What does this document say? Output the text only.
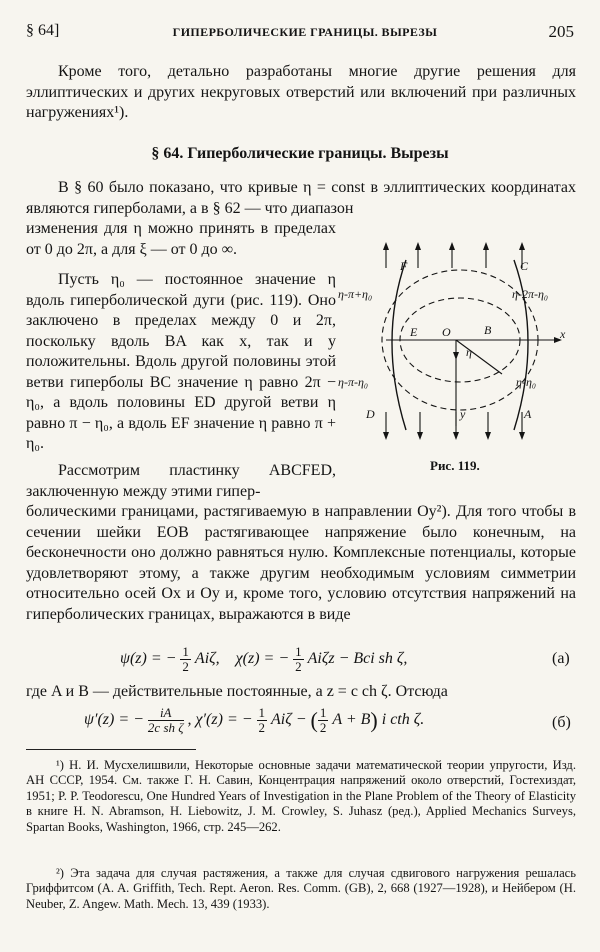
§ 64]	ГИПЕРБОЛИЧЕСКИЕ ГРАНИЦЫ. ВЫРЕЗЫ	205
Кроме того, детально разработаны многие другие решения для эллиптических и других некруговых отверстий или включений при различных нагружениях¹).
§ 64. Гиперболические границы. Вырезы
В § 60 было показано, что кривые η = const в эллиптических координатах являются гиперболами, а в § 62 — что диапазон
изменения для η можно принять в пределах от 0 до 2π, а для ξ — от 0 до ∞.
Пусть η₀ — постоянное значение η вдоль гиперболической дуги (рис. 119). Оно заключено в пределах между 0 и 2π, поскольку вдоль BA как x, так и y положительны. Вдоль другой половины этой ветви гиперболы BC значение η равно 2π − η₀, а вдоль половины ED другой ветви η равно π − η₀, а вдоль EF значение η равно π + η₀.
Рассмотрим пластинку ABCFED, заключенную между этими гипер-
болическими границами, растягиваемую в направлении Oy²). Для того чтобы в сечении шейки EOB растягивающее напряжение было конечным, на бесконечности оно должно равняться нулю. Комплексные потенциалы, которые удовлетворяют этому, а также другим необходимым условиям симметрии относительно осей Ox и Oy и, кроме того, условию отсутствия напряжений на гиперболических границах, выражаются в виде
F	C
η-π+η₀	η-2π-η₀
E O	B	x
η
η-π-η₀	η-η₀
y
D	A
Рис. 119.
ψ(z) = − $\frac{1}{2} Ai\zeta$, χ(z) = − $\frac{1}{2}$ Aiζz − Bci sh ζ,	(a)
где A и B — действительные постоянные, а z = c ch ζ. Отсюда
ψ′(z) = − $\frac{iA}{\text{2c sh ζ}}$ , χ′(z) = − $\frac{1}{2}$ Aiζ − ( $\frac{1}{2}$ A + B) i cth ζ.	(б)
¹) Н. И. Мусхелишвили, Некоторые основные задачи математической теории упругости, Изд. АН СССР, 1954. См. также Г. Н. Савин, Концентрация напряжений около отверстий, Гостехиздат, 1951; P. P. Teodorescu, One Hundred Years of Investigation in the Plane Problem of the Theory of Elasticity в книге H. N. Abramson, H. Liebowitz, J. M. Crowley, S. Juhasz (ред.), Applied Mechanics Surveys, Spartan Books, Washington, 1966, стр. 245—262.
²) Эта задача для случая растяжения, а также для случая сдвигового нагружения решалась Гриффитсом (A. A. Griffith, Tech. Rept. Aeron. Res. Comm. (GB), 2, 668 (1927—1928), и Нейбером (H. Neuber, Z. Angew. Math. Mech. 13, 439 (1933).
